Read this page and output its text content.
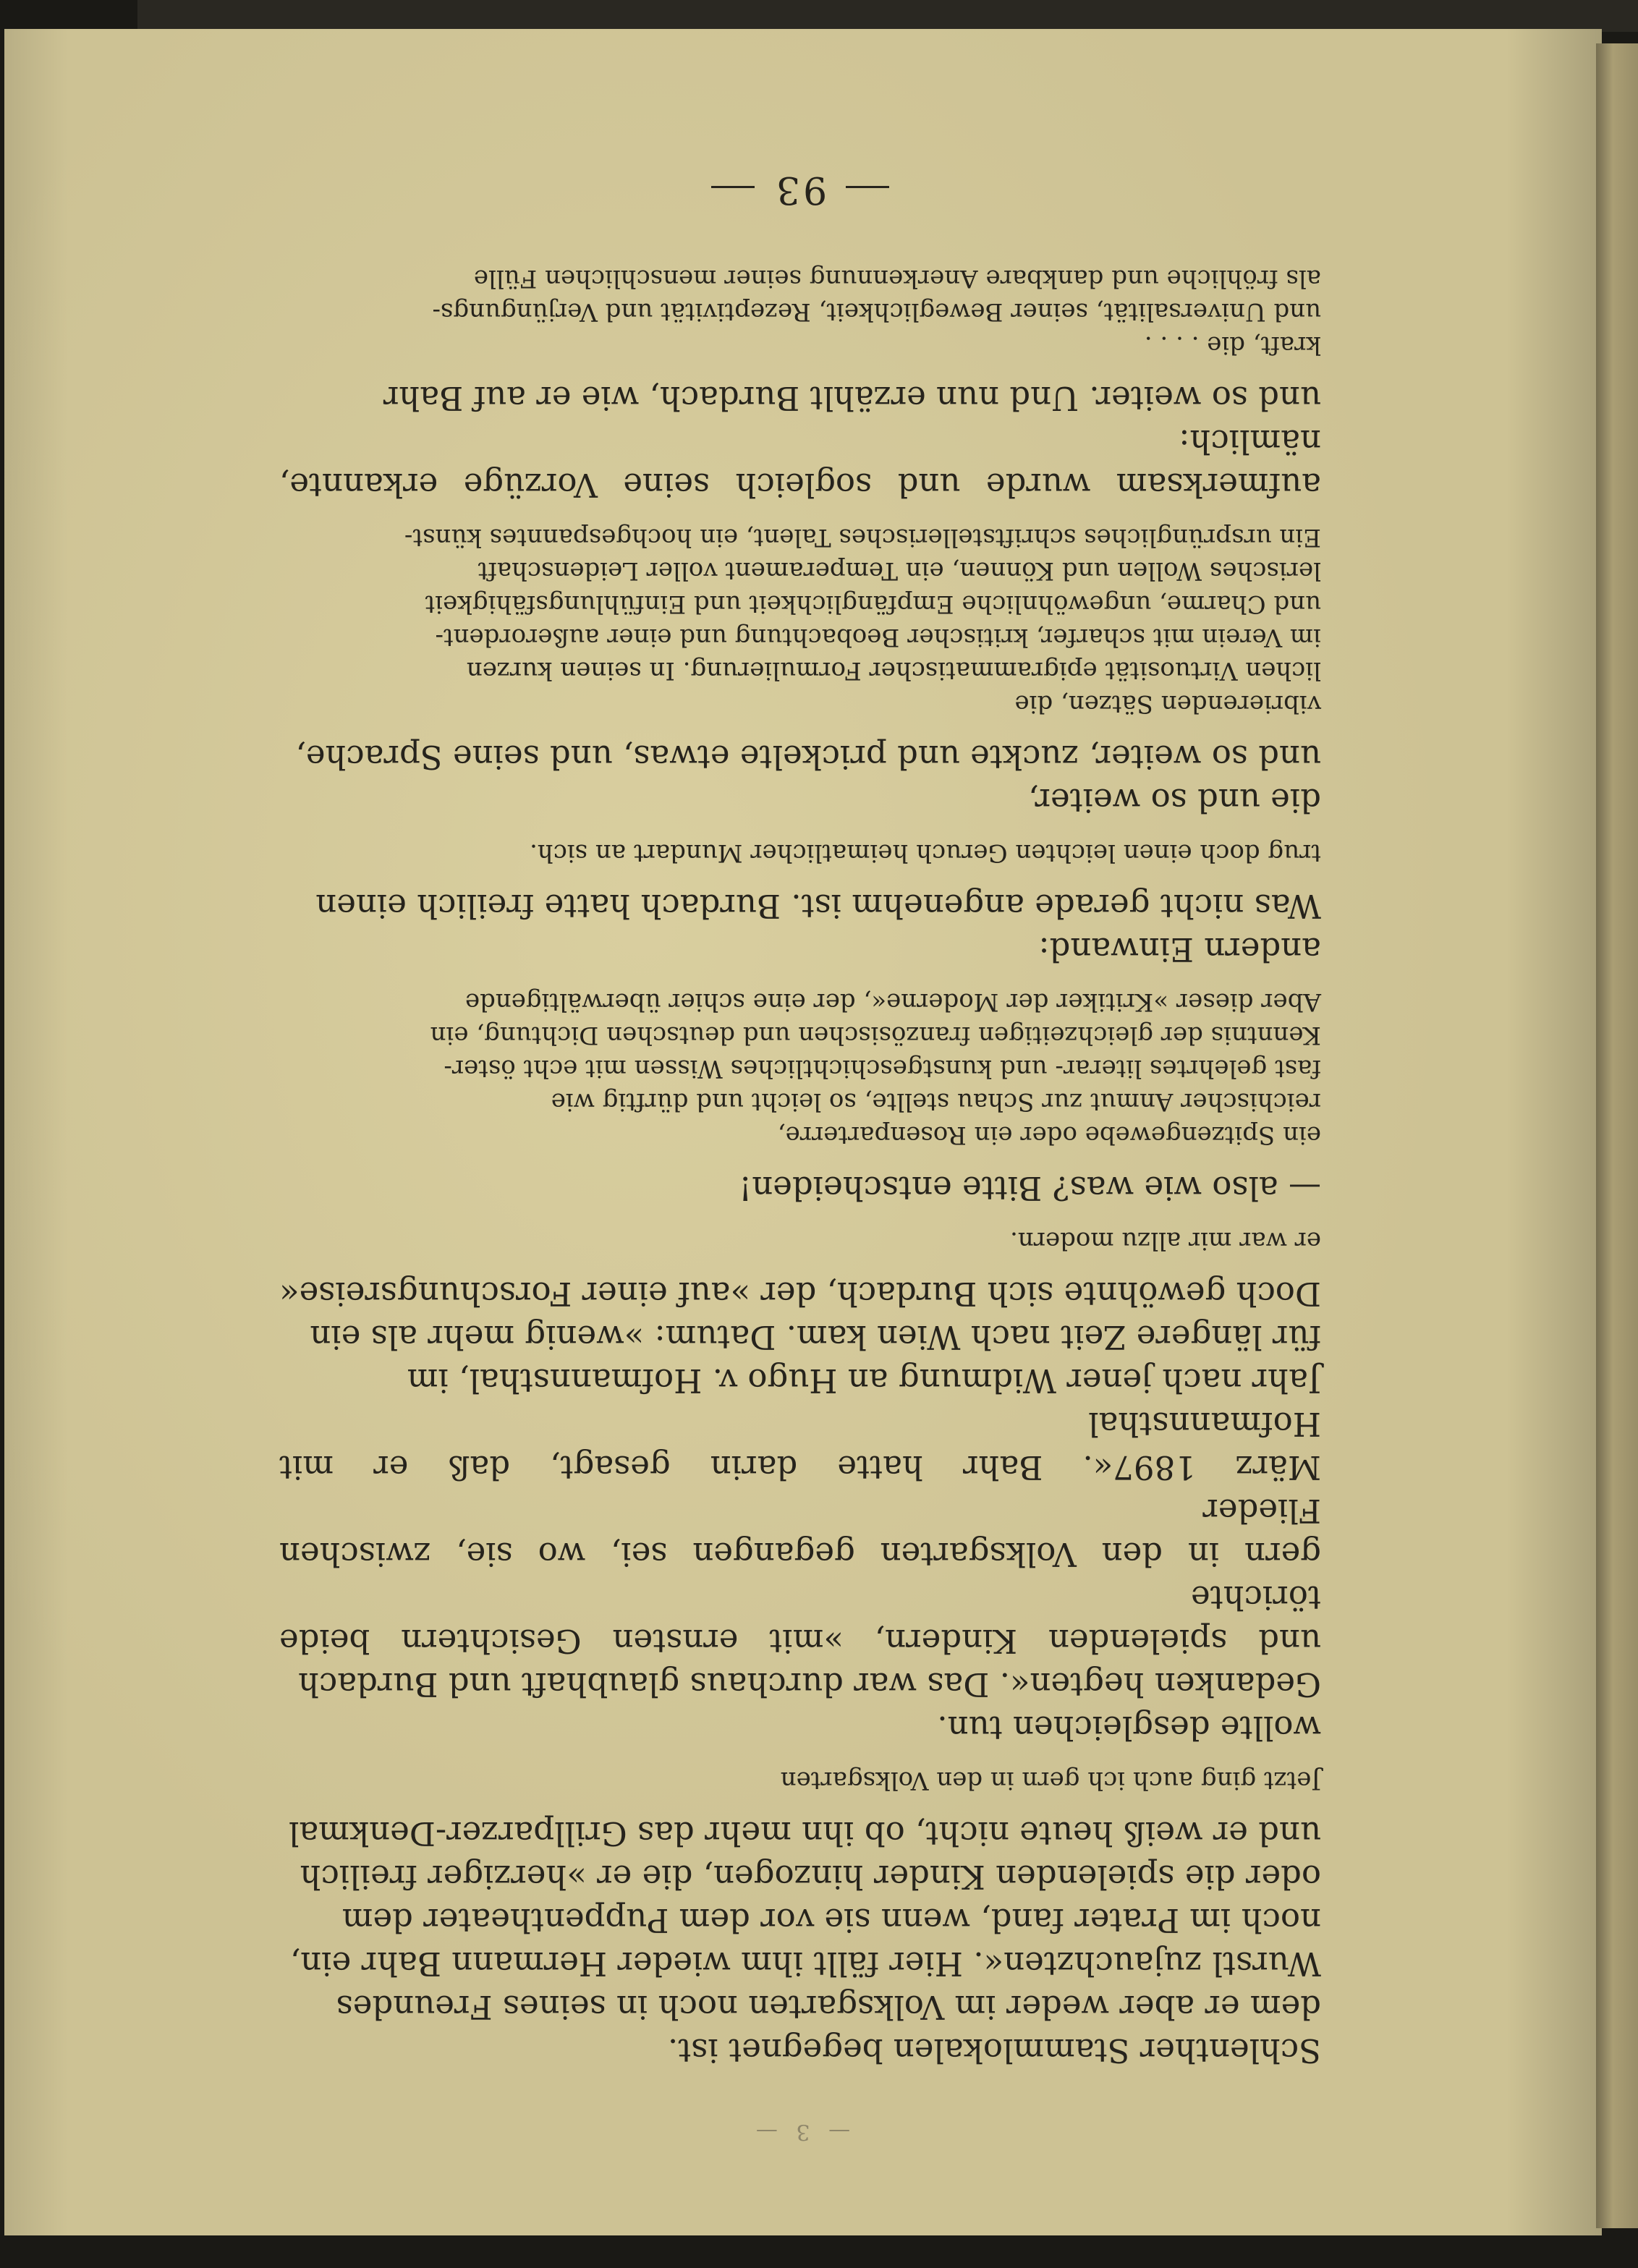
— 3 —

Schlenther Stammlokalen begegnet ist.

dem er aber weder im Volksgarten noch in seines Freundes

Wurstl zujauchzten«. Hier fällt ihm wieder Hermann Bahr ein,

noch im Prater fand, wenn sie vor dem Puppentheater dem

oder die spielenden Kinder hinzogen, die er »herziger freilich

und er weiß heute nicht, ob ihn mehr das Grillparzer-Denkmal

Jetzt ging auch ich gern in den Volksgarten

wollte desgleichen tun.

Gedanken hegten«. Das war durchaus glaubhaft und Burdach

und spielenden Kindern, »mit ernsten Gesichtern beide törichte

gern in den Volksgarten gegangen sei, wo sie, zwischen Flieder

März 1897«. Bahr hatte darin gesagt, daß er mit Hofmannsthal

Jahr nach jener Widmung an Hugo v. Hofmannsthal, im

für längere Zeit nach Wien kam. Datum: »wenig mehr als ein

Doch gewöhnte sich Burdach, der »auf einer Forschungsreise«

er war mir allzu modern.

— also wie was? Bitte entscheiden!

ein Spitzengewebe oder ein Rosenparterre,

reichischer Anmut zur Schau stellte, so leicht und dürftig wie

fast gelehrtes literar- und kunstgeschichtliches Wissen mit echt öster-

Kenntnis der gleichzeitigen französischen und deutschen Dichtung, ein

Aber dieser »Kritiker der Moderne«, der eine schier überwältigende

andern Einwand:

Was nicht gerade angenehm ist. Burdach hatte freilich einen

trug doch einen leichten Geruch heimatlicher Mundart an sich.

die und so weiter,

und so weiter, zuckte und prickelte etwas, und seine Sprache,

vibrierenden Sätzen, die

lichen Virtuosität epigrammatischer Formulierung. In seinen kurzen

im Verein mit scharfer, kritischer Beobachtung und einer außerordent-

und Charme, ungewöhnliche Empfänglichkeit und Einfühlungsfähigkeit

lerisches Wollen und Können, ein Temperament voller Leidenschaft

Ein ursprüngliches schriftstellerisches Talent, ein hochgespanntes künst-

aufmerksam wurde und sogleich seine Vorzüge erkannte, nämlich:

und so weiter. Und nun erzählt Burdach, wie er auf Bahr

kraft, die . . . .

und Universalität, seiner Beweglichkeit, Rezeptivität und Verjüngungs-

als fröhliche und dankbare Anerkennung seiner menschlichen Fülle

93
